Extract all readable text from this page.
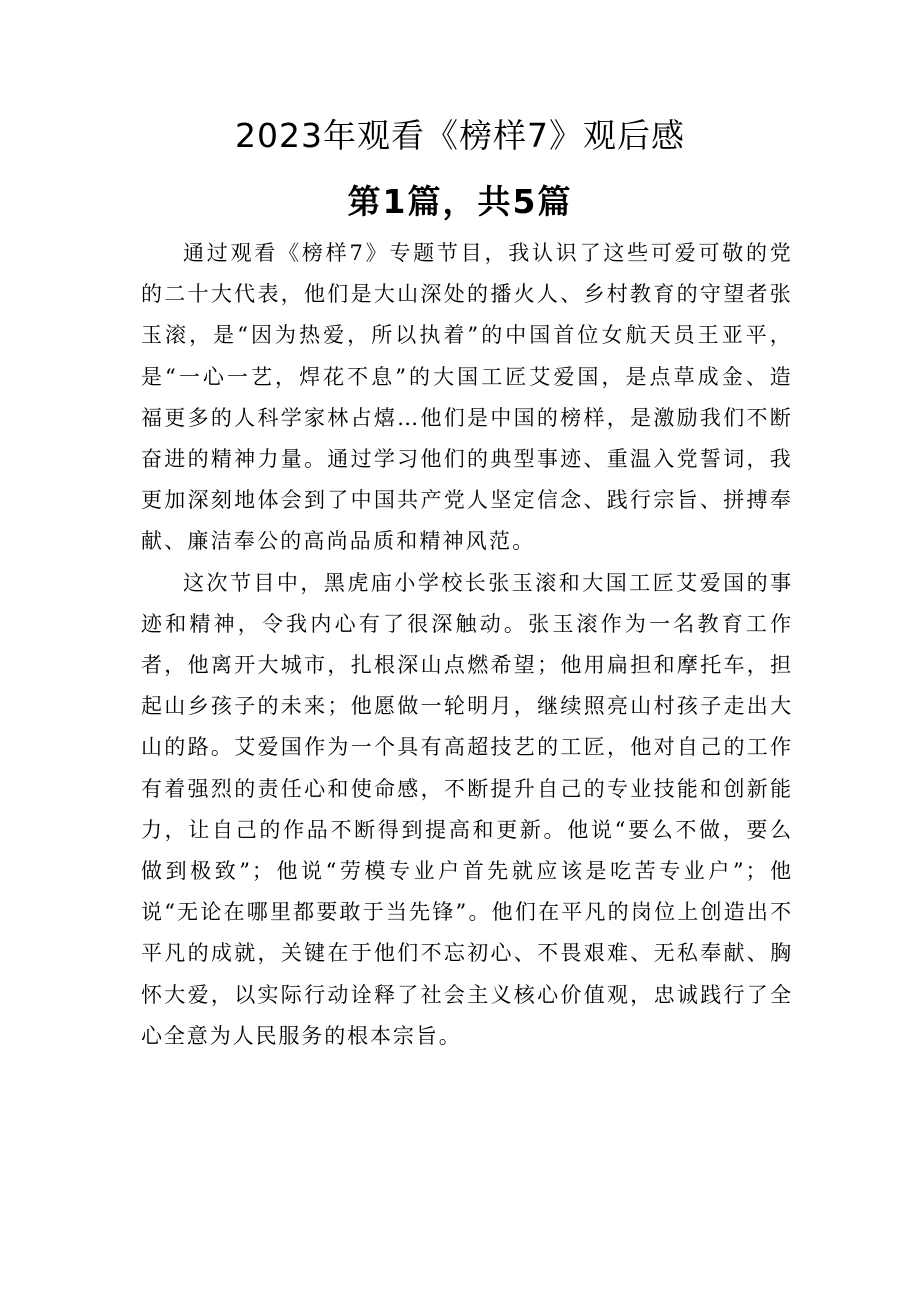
2023年观看《榜样7》观后感
第1篇，共5篇

通过观看《榜样7》专题节目，我认识了这些可爱可敬的党的二十大代表，他们是大山深处的播火人、乡村教育的守望者张玉滚，是“因为热爱，所以执着”的中国首位女航天员王亚平，是“一心一艺，焊花不息”的大国工匠艾爱国，是点草成金、造福更多的人科学家林占熺…他们是中国的榜样，是激励我们不断奋进的精神力量。通过学习他们的典型事迹、重温入党誓词，我更加深刻地体会到了中国共产党人坚定信念、践行宗旨、拼搏奉献、廉洁奉公的高尚品质和精神风范。

这次节目中，黑虎庙小学校长张玉滚和大国工匠艾爱国的事迹和精神，令我内心有了很深触动。张玉滚作为一名教育工作者，他离开大城市，扎根深山点燃希望；他用扁担和摩托车，担起山乡孩子的未来；他愿做一轮明月，继续照亮山村孩子走出大山的路。艾爱国作为一个具有高超技艺的工匠，他对自己的工作有着强烈的责任心和使命感，不断提升自己的专业技能和创新能力，让自己的作品不断得到提高和更新。他说“要么不做，要么做到极致”；他说“劳模专业户首先就应该是吃苦专业户”；他说“无论在哪里都要敢于当先锋”。他们在平凡的岗位上创造出不平凡的成就，关键在于他们不忘初心、不畏艰难、无私奉献、胸怀大爱，以实际行动诠释了社会主义核心价值观，忠诚践行了全心全意为人民服务的根本宗旨。
